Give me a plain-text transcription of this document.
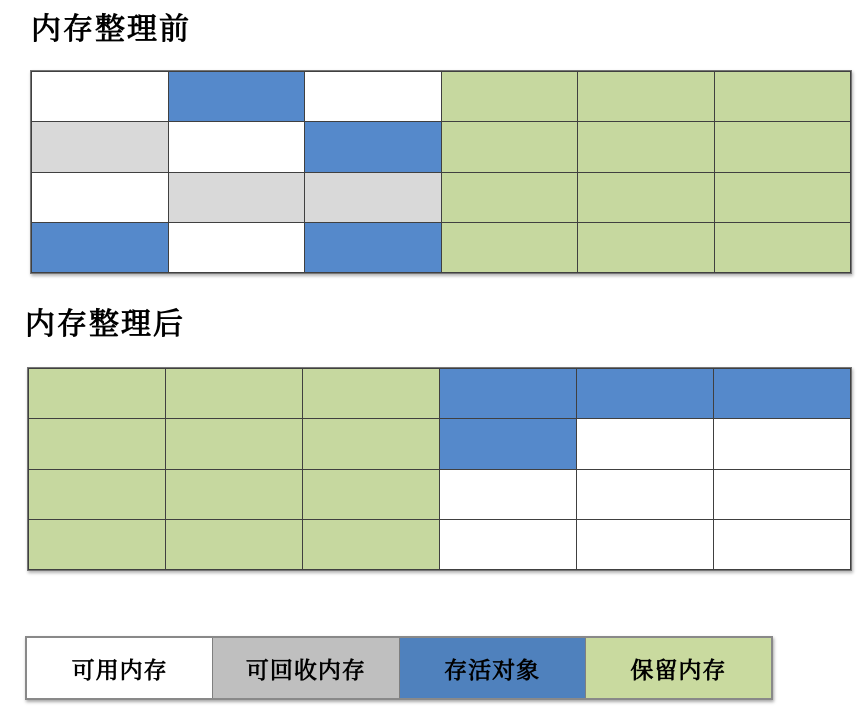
内存整理前
内存整理后
可用内存	可回收内存	存活对象	保留内存
